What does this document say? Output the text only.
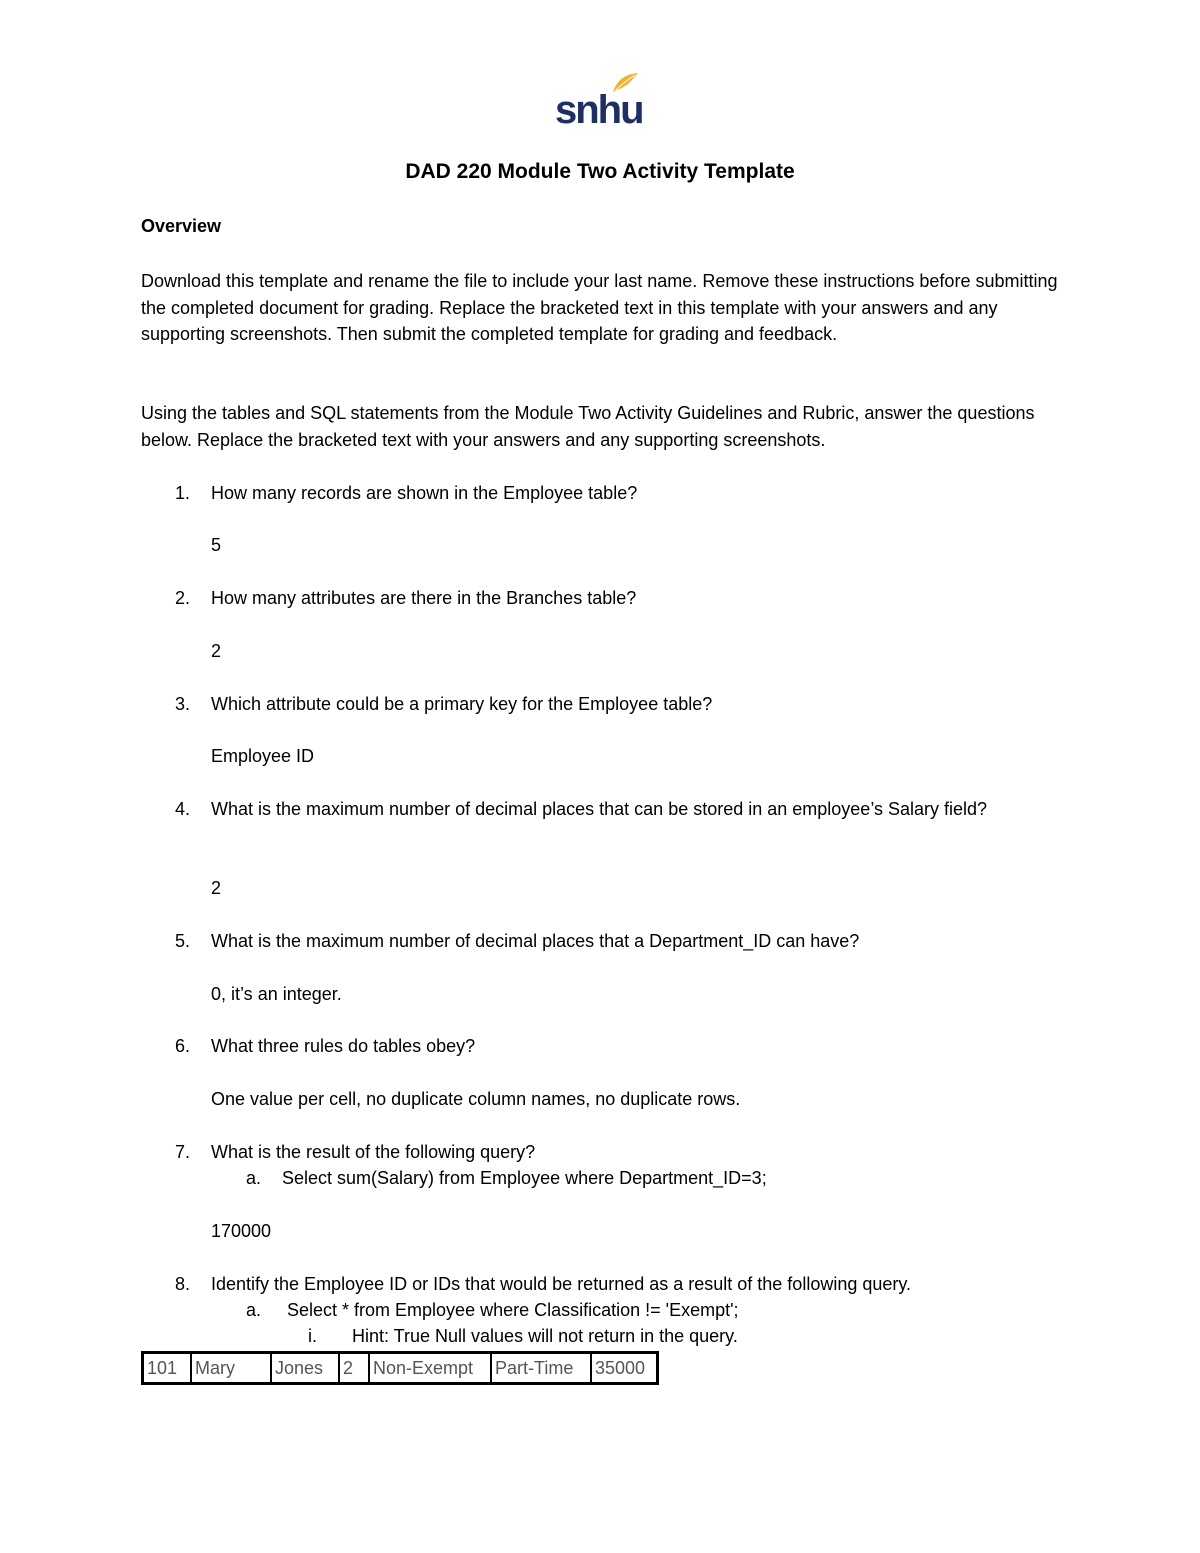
snhu
DAD 220 Module Two Activity Template
Overview

Download this template and rename the file to include your last name. Remove these instructions before submitting the completed document for grading. Replace the bracketed text in this template with your answers and any supporting screenshots. Then submit the completed template for grading and feedback.

Using the tables and SQL statements from the Module Two Activity Guidelines and Rubric, answer the questions below. Replace the bracketed text with your answers and any supporting screenshots.

1. How many records are shown in the Employee table?
5
2. How many attributes are there in the Branches table?
2
3. Which attribute could be a primary key for the Employee table?
Employee ID
4. What is the maximum number of decimal places that can be stored in an employee’s Salary field?
2
5. What is the maximum number of decimal places that a Department_ID can have?
0, it’s an integer.
6. What three rules do tables obey?
One value per cell, no duplicate column names, no duplicate rows.
7. What is the result of the following query?
a. Select sum(Salary) from Employee where Department_ID=3;
170000
8. Identify the Employee ID or IDs that would be returned as a result of the following query.
a. Select * from Employee where Classification != 'Exempt';
i. Hint: True Null values will not return in the query.
101	Mary	Jones	2	Non-Exempt	Part-Time	35000
